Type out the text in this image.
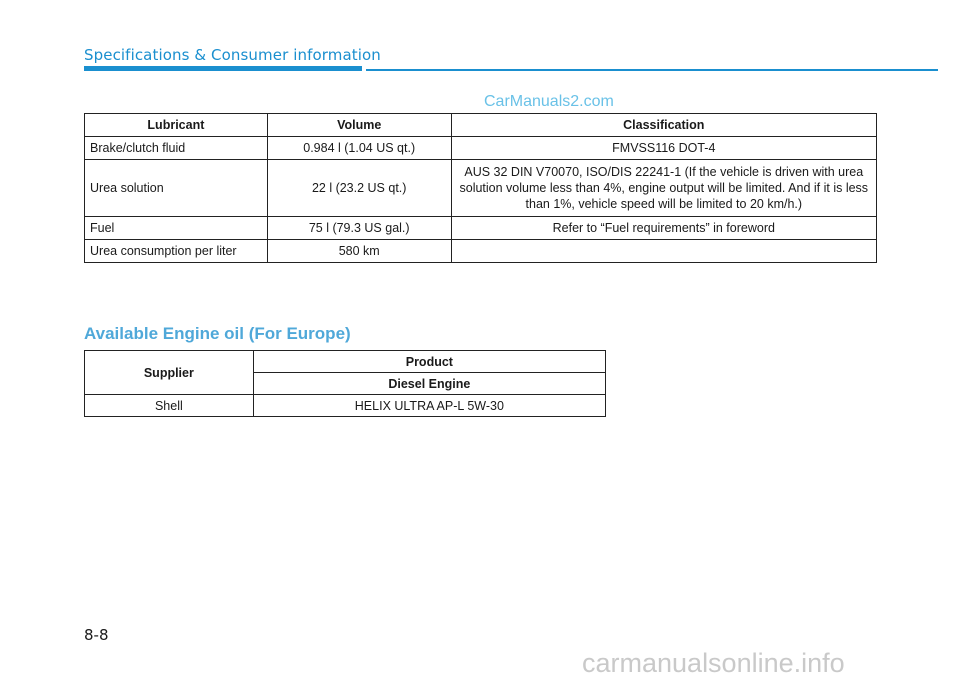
Specifications & Consumer information
CarManuals2.com
Lubricant	Volume	Classification
Brake/clutch fluid	0.984 l (1.04 US qt.)	FMVSS116 DOT-4
Urea solution	22 l (23.2 US qt.)	AUS 32 DIN V70070, ISO/DIS 22241-1 (If the vehicle is driven with urea solution volume less than 4%, engine output will be limited. And if it is less than 1%, vehicle speed will be limited to 20 km/h.)
Fuel	75 l (79.3 US gal.)	Refer to “Fuel requirements” in foreword
Urea consumption per liter	580 km	
Available Engine oil (For Europe)
Supplier	Product
	Diesel Engine
Shell	HELIX ULTRA AP-L 5W-30
8-8
carmanualsonline.info
